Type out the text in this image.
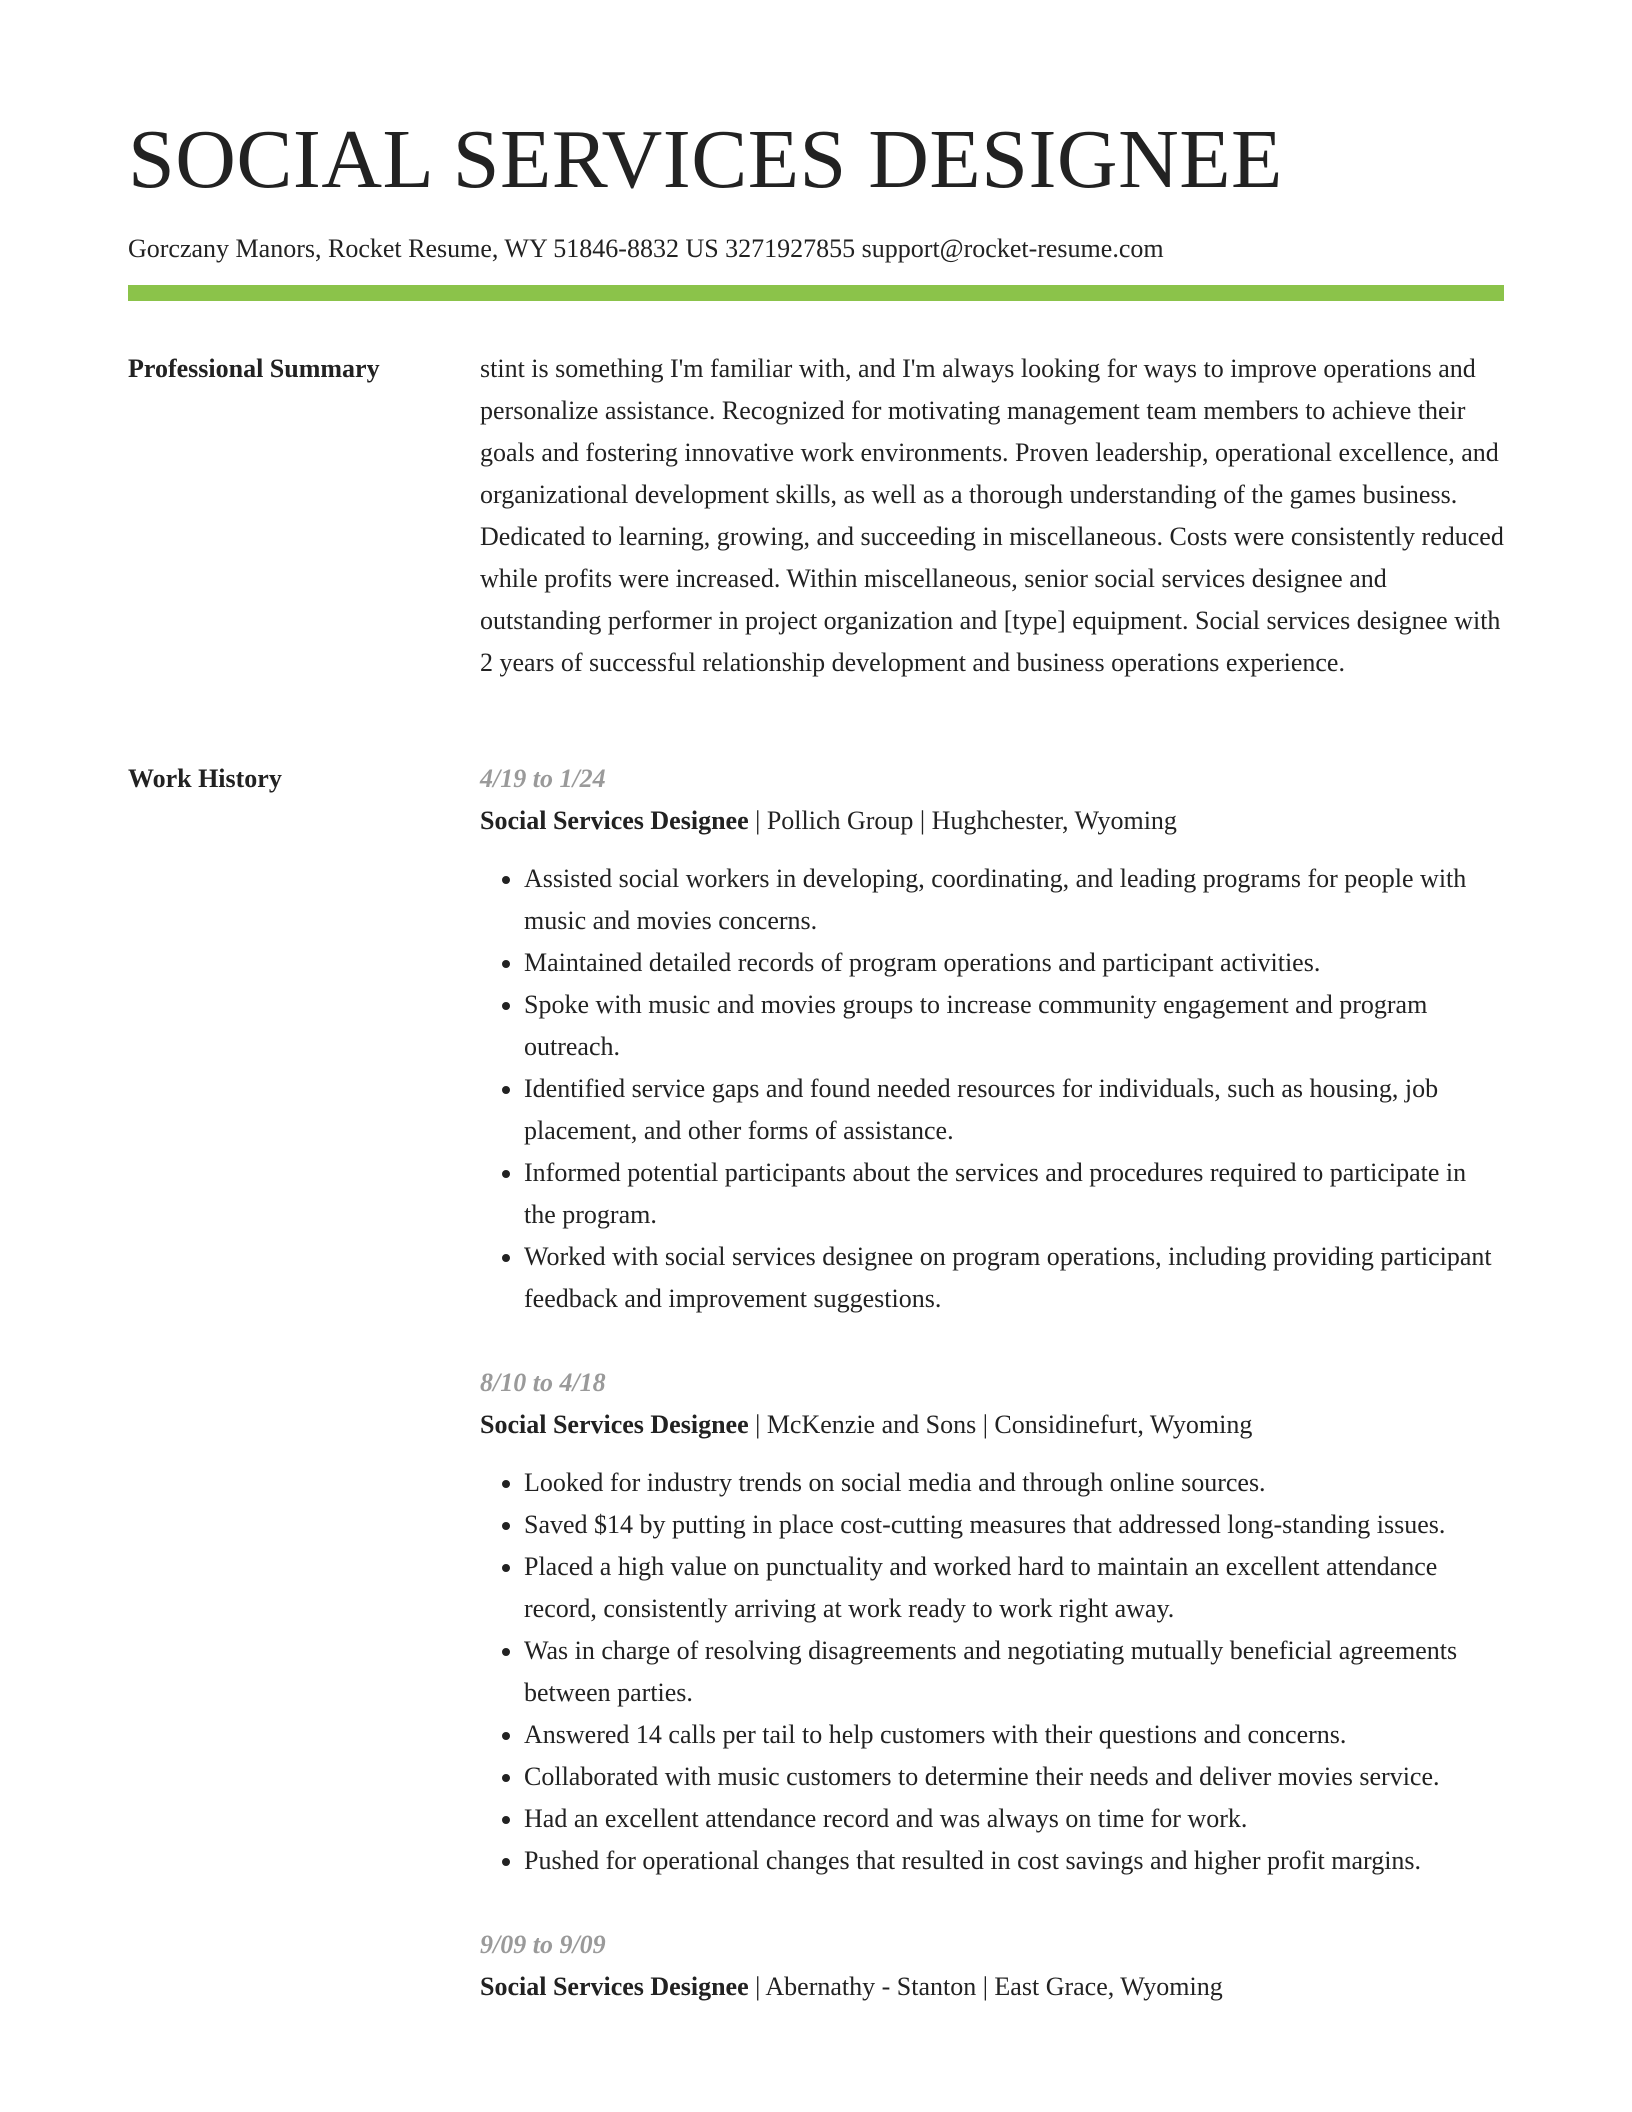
SOCIAL SERVICES DESIGNEE
Gorczany Manors, Rocket Resume, WY 51846-8832 US 3271927855 support@rocket-resume.com
Professional Summary	stint is something I'm familiar with, and I'm always looking for ways to improve operations and personalize assistance. Recognized for motivating management team members to achieve their goals and fostering innovative work environments. Proven leadership, operational excellence, and organizational development skills, as well as a thorough understanding of the games business. Dedicated to learning, growing, and succeeding in miscellaneous. Costs were consistently reduced while profits were increased. Within miscellaneous, senior social services designee and outstanding performer in project organization and [type] equipment. Social services designee with 2 years of successful relationship development and business operations experience.

Work History	4/19 to 1/24
Social Services Designee | Pollich Group | Hughchester, Wyoming
• Assisted social workers in developing, coordinating, and leading programs for people with music and movies concerns.
• Maintained detailed records of program operations and participant activities.
• Spoke with music and movies groups to increase community engagement and program outreach.
• Identified service gaps and found needed resources for individuals, such as housing, job placement, and other forms of assistance.
• Informed potential participants about the services and procedures required to participate in the program.
• Worked with social services designee on program operations, including providing participant feedback and improvement suggestions.
8/10 to 4/18
Social Services Designee | McKenzie and Sons | Considinefurt, Wyoming
• Looked for industry trends on social media and through online sources.
• Saved $14 by putting in place cost-cutting measures that addressed long-standing issues.
• Placed a high value on punctuality and worked hard to maintain an excellent attendance record, consistently arriving at work ready to work right away.
• Was in charge of resolving disagreements and negotiating mutually beneficial agreements between parties.
• Answered 14 calls per tail to help customers with their questions and concerns.
• Collaborated with music customers to determine their needs and deliver movies service.
• Had an excellent attendance record and was always on time for work.
• Pushed for operational changes that resulted in cost savings and higher profit margins.
9/09 to 9/09
Social Services Designee | Abernathy - Stanton | East Grace, Wyoming
